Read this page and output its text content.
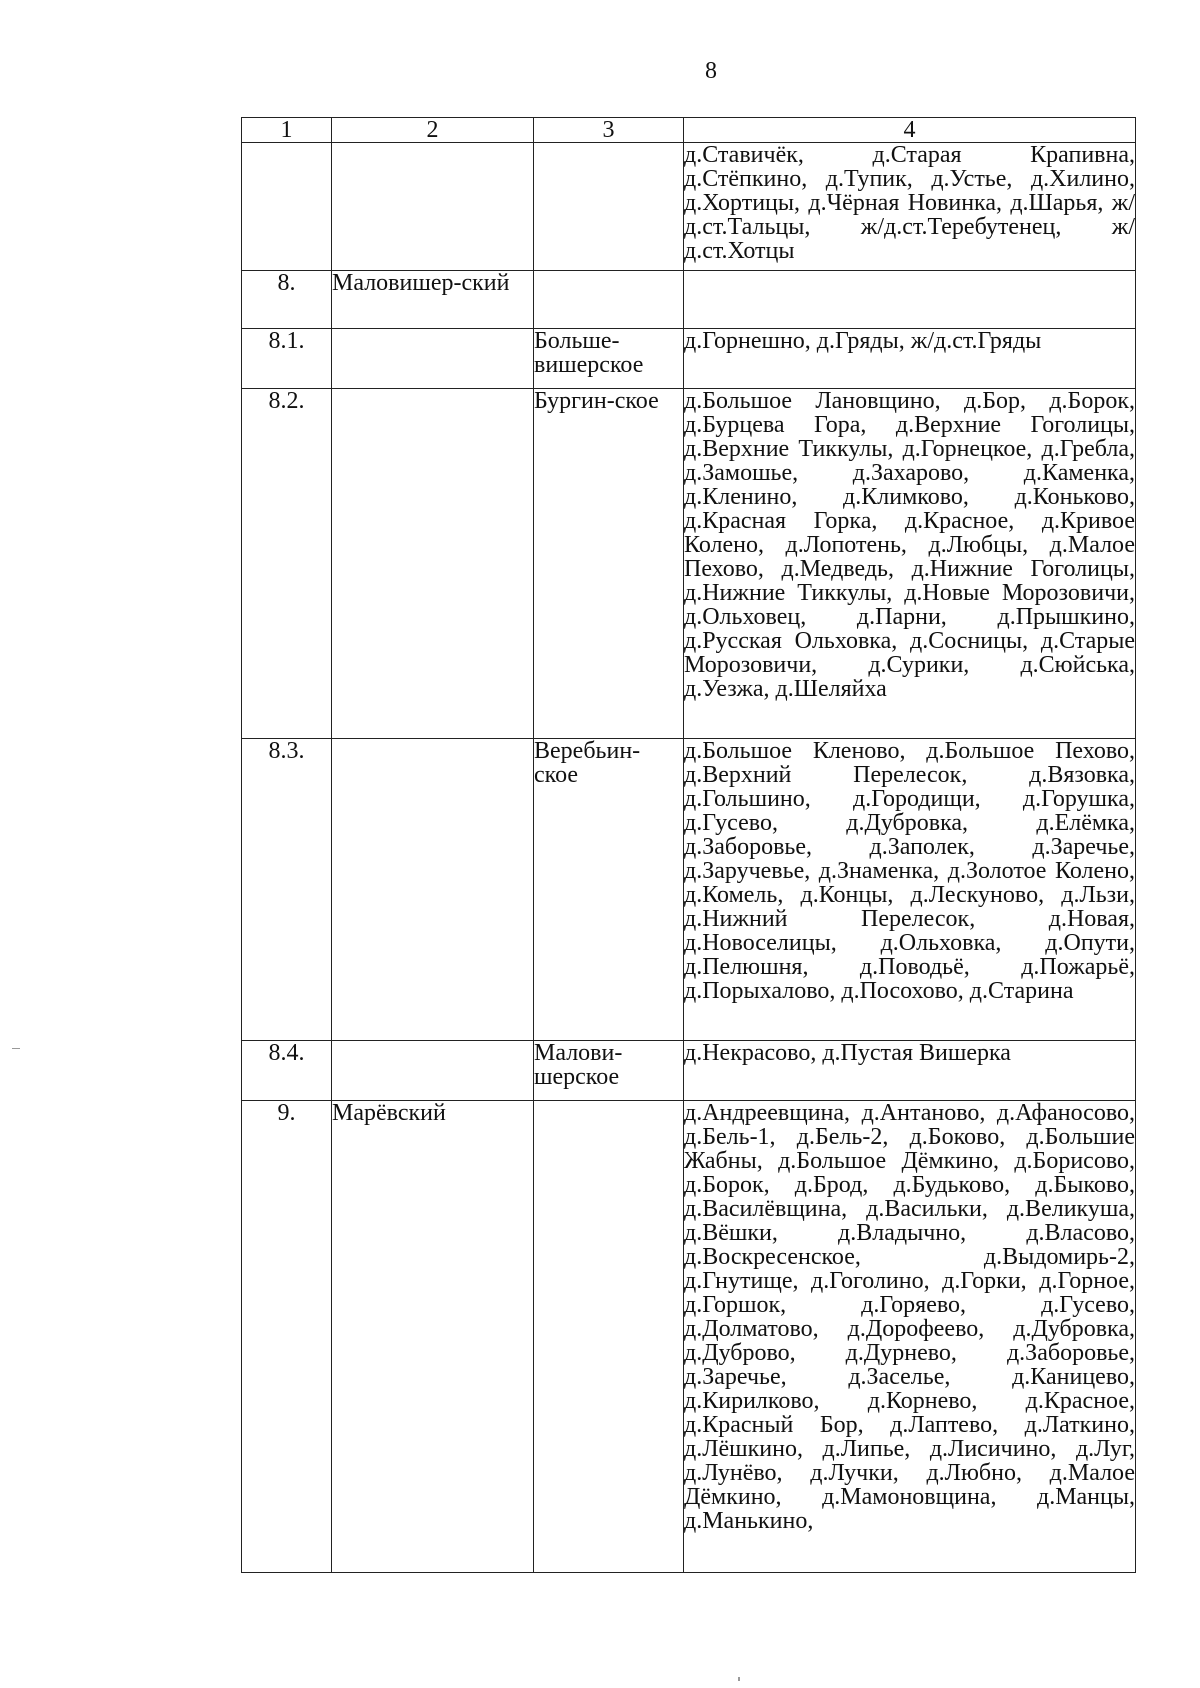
8
1	2	3	4
			д.Ставичёк, д.Старая Крапивна, д.Стёпкино, д.Тупик, д.Устье, д.Хилино, д.Хортицы, д.Чёрная Новинка, д.Шарья, ж/д.ст.Тальцы, ж/д.ст.Теребутенец, ж/д.ст.Хотцы
8.	Маловишер-ский		
8.1.		Больше-вишерское	д.Горнешно, д.Гряды, ж/д.ст.Гряды
8.2.		Бургин-ское	д.Большое Лановщино, д.Бор, д.Борок, д.Бурцева Гора, д.Верхние Гоголицы, д.Верхние Тиккулы, д.Горнецкое, д.Гребла, д.Замошье, д.Захарово, д.Каменка, д.Кленино, д.Климково, д.Коньково, д.Красная Горка, д.Красное, д.Кривое Колено, д.Лопотень, д.Любцы, д.Малое Пехово, д.Медведь, д.Нижние Гоголицы, д.Нижние Тиккулы, д.Новые Морозовичи, д.Ольховец, д.Парни, д.Прышкино, д.Русская Ольховка, д.Сосницы, д.Старые Морозовичи, д.Сурики, д.Сюйська, д.Уезжа, д.Шеляйха
8.3.		Веребьин-ское	д.Большое Кленово, д.Большое Пехово, д.Верхний Перелесок, д.Вязовка, д.Гольшино, д.Городищи, д.Горушка, д.Гусево, д.Дубровка, д.Елёмка, д.Заборовье, д.Заполек, д.Заречье, д.Заручевье, д.Знаменка, д.Золотое Колено, д.Комель, д.Концы, д.Лескуново, д.Льзи, д.Нижний Перелесок, д.Новая, д.Новоселицы, д.Ольховка, д.Опути, д.Пелюшня, д.Поводьё, д.Пожарьё, д.Порыхалово, д.Посохово, д.Старина
8.4.		Малови-шерское	д.Некрасово, д.Пустая Вишерка
9.	Марёвский		д.Андреевщина, д.Антаново, д.Афаносово, д.Бель-1, д.Бель-2, д.Боково, д.Большие Жабны, д.Большое Дёмкино, д.Борисово, д.Борок, д.Брод, д.Будьково, д.Быково, д.Василёвщина, д.Васильки, д.Великуша, д.Вёшки, д.Владычно, д.Власово, д.Воскресенское, д.Выдомирь-2, д.Гнутище, д.Гоголино, д.Горки, д.Горное, д.Горшок, д.Горяево, д.Гусево, д.Долматово, д.Дорофеево, д.Дубровка, д.Дуброво, д.Дурнево, д.Заборовье, д.Заречье, д.Заселье, д.Каницево, д.Кирилково, д.Корнево, д.Красное, д.Красный Бор, д.Лаптево, д.Латкино, д.Лёшкино, д.Липье, д.Лисичино, д.Луг, д.Лунёво, д.Лучки, д.Любно, д.Малое Дёмкино, д.Мамоновщина, д.Манцы, д.Манькино,
